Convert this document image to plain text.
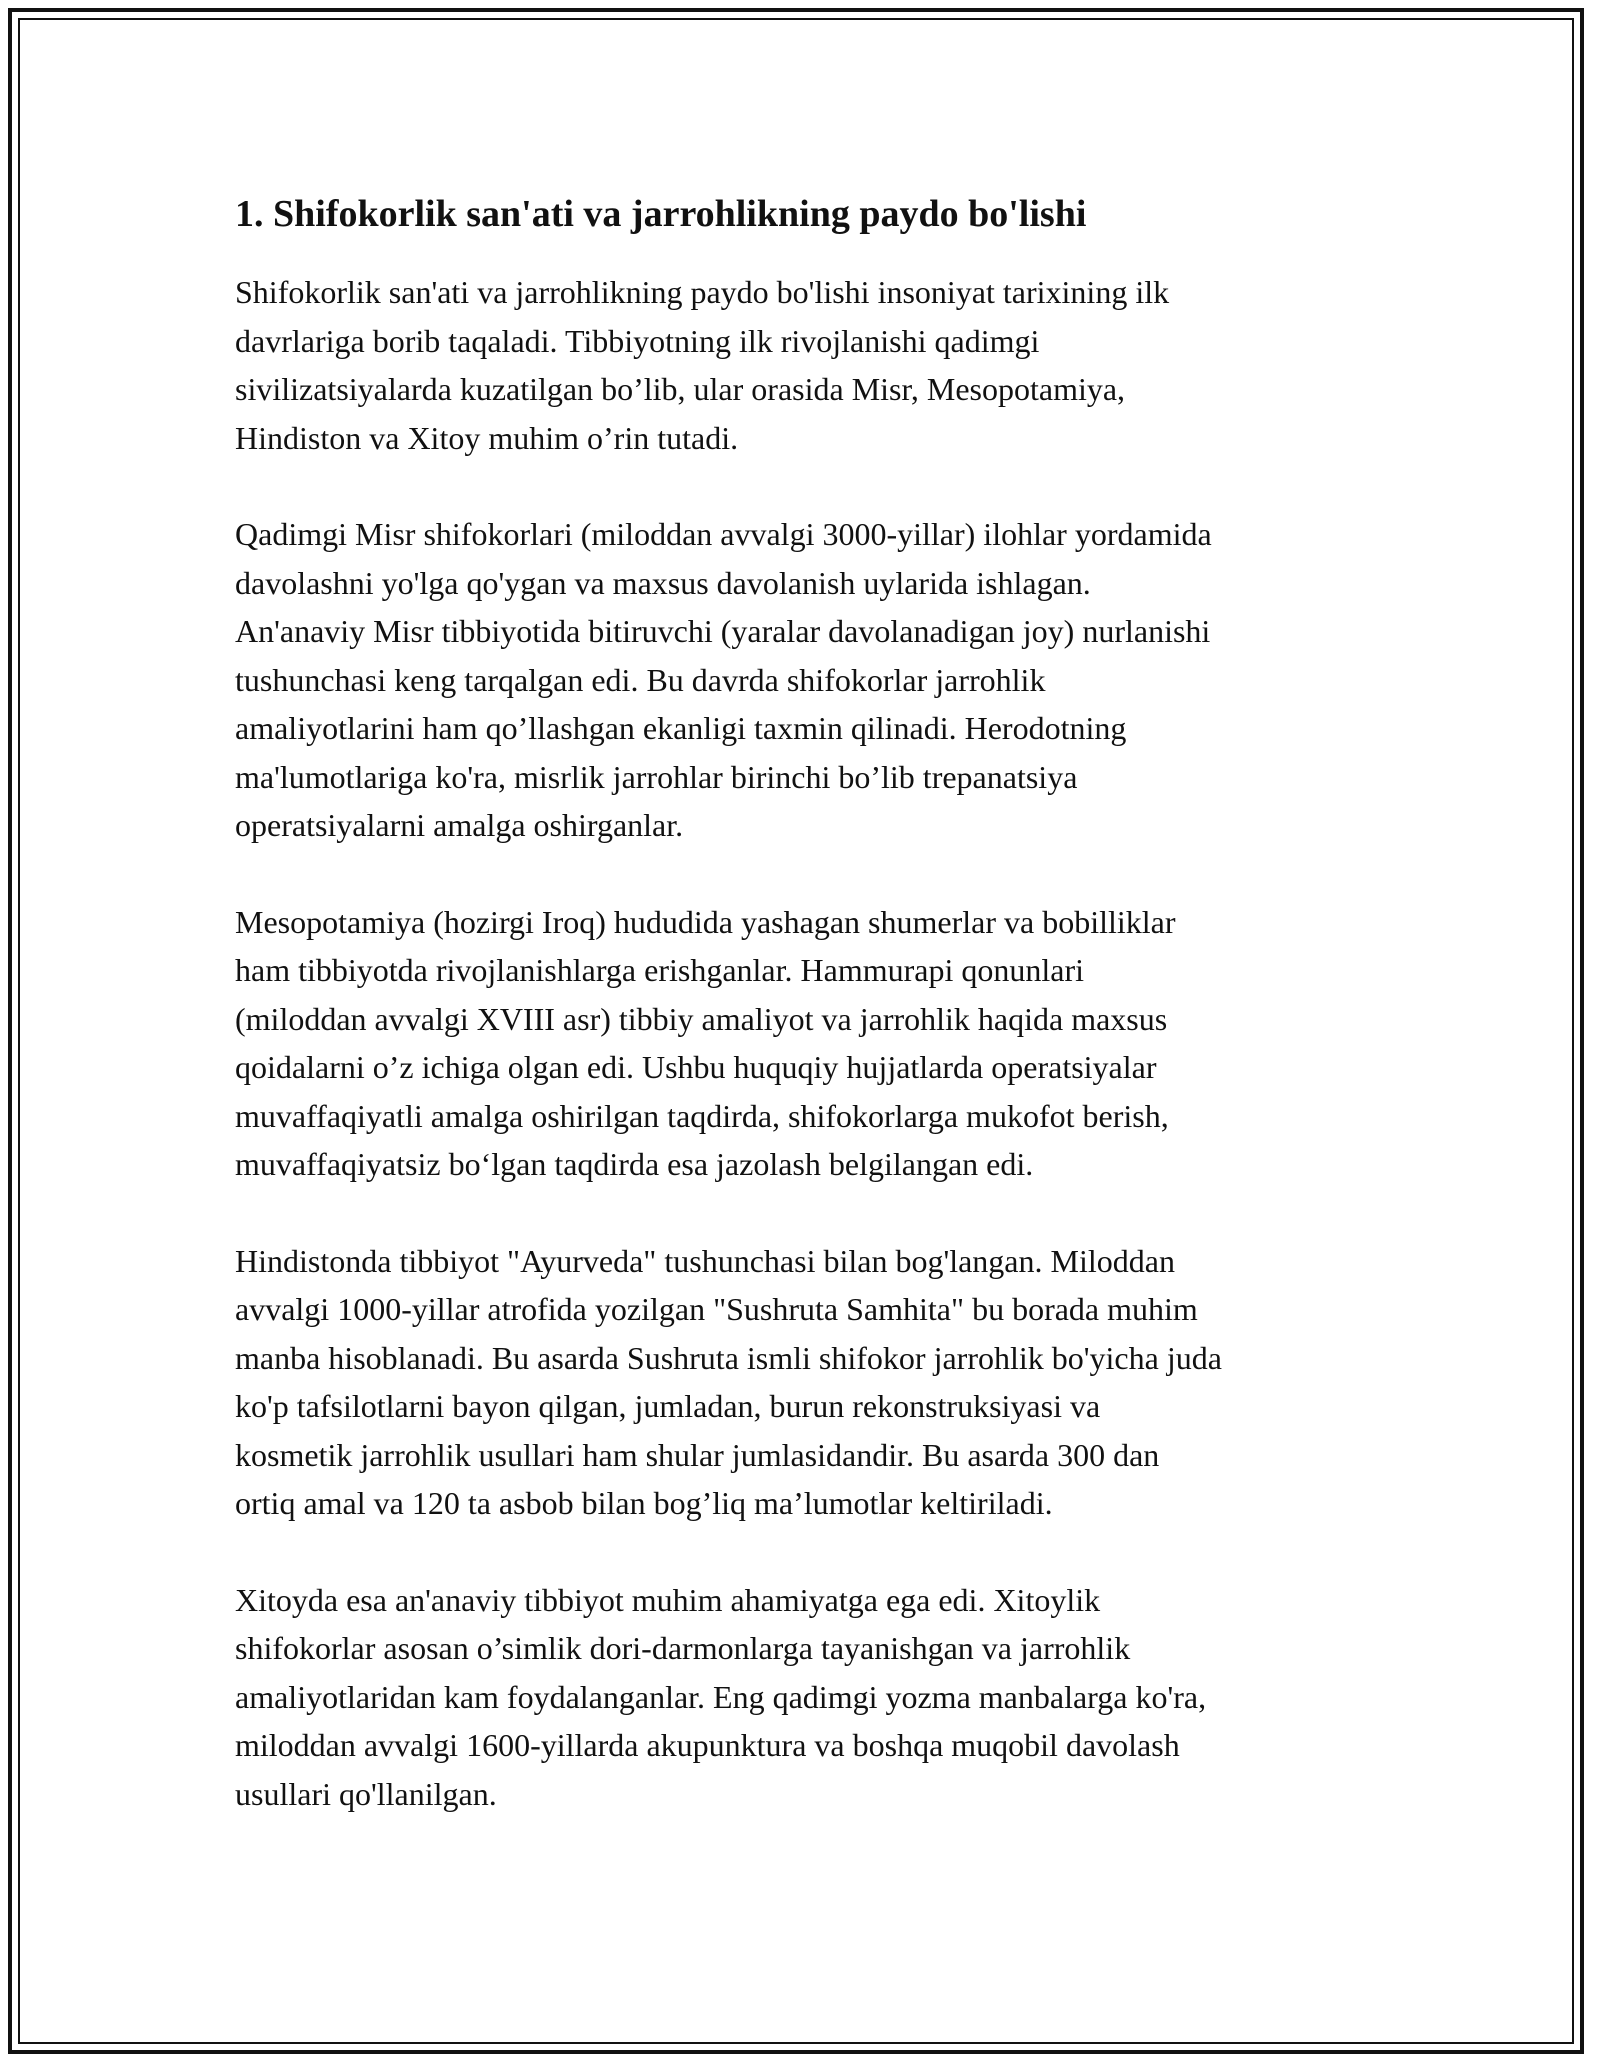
1. Shifokorlik san'ati va jarrohlikning paydo bo'lishi

Shifokorlik san'ati va jarrohlikning paydo bo'lishi insoniyat tarixining ilk
davrlariga borib taqaladi. Tibbiyotning ilk rivojlanishi qadimgi
sivilizatsiyalarda kuzatilgan bo’lib, ular orasida Misr, Mesopotamiya,
Hindiston va Xitoy muhim o’rin tutadi.

Qadimgi Misr shifokorlari (miloddan avvalgi 3000-yillar) ilohlar yordamida
davolashni yo'lga qo'ygan va maxsus davolanish uylarida ishlagan.
An'anaviy Misr tibbiyotida bitiruvchi (yaralar davolanadigan joy) nurlanishi
tushunchasi keng tarqalgan edi. Bu davrda shifokorlar jarrohlik
amaliyotlarini ham qo’llashgan ekanligi taxmin qilinadi. Herodotning
ma'lumotlariga ko'ra, misrlik jarrohlar birinchi bo’lib trepanatsiya
operatsiyalarni amalga oshirganlar.

Mesopotamiya (hozirgi Iroq) hududida yashagan shumerlar va bobilliklar
ham tibbiyotda rivojlanishlarga erishganlar. Hammurapi qonunlari
(miloddan avvalgi XVIII asr) tibbiy amaliyot va jarrohlik haqida maxsus
qoidalarni o’z ichiga olgan edi. Ushbu huquqiy hujjatlarda operatsiyalar
muvaffaqiyatli amalga oshirilgan taqdirda, shifokorlarga mukofot berish,
muvaffaqiyatsiz bo‘lgan taqdirda esa jazolash belgilangan edi.

Hindistonda tibbiyot "Ayurveda" tushunchasi bilan bog'langan. Miloddan
avvalgi 1000-yillar atrofida yozilgan "Sushruta Samhita" bu borada muhim
manba hisoblanadi. Bu asarda Sushruta ismli shifokor jarrohlik bo'yicha juda
ko'p tafsilotlarni bayon qilgan, jumladan, burun rekonstruksiyasi va
kosmetik jarrohlik usullari ham shular jumlasidandir. Bu asarda 300 dan
ortiq amal va 120 ta asbob bilan bog’liq ma’lumotlar keltiriladi.

Xitoyda esa an'anaviy tibbiyot muhim ahamiyatga ega edi. Xitoylik
shifokorlar asosan o’simlik dori-darmonlarga tayanishgan va jarrohlik
amaliyotlaridan kam foydalanganlar. Eng qadimgi yozma manbalarga ko'ra,
miloddan avvalgi 1600-yillarda akupunktura va boshqa muqobil davolash
usullari qo'llanilgan.
